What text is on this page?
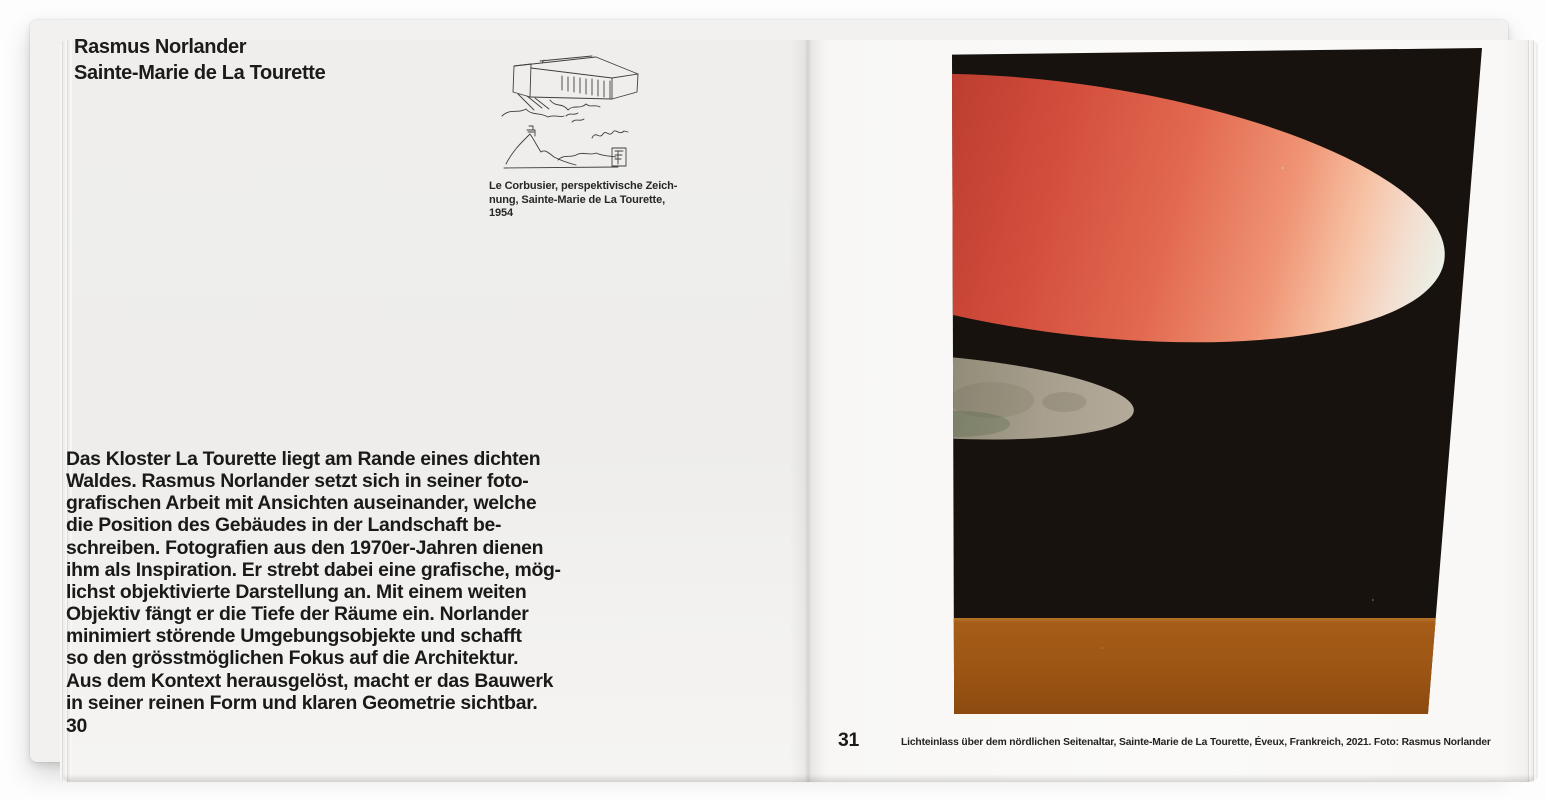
Rasmus Norlander
Sainte-Marie de La Tourette
Le Corbusier, perspektivische Zeich-
nung, Sainte-Marie de La Tourette,
1954
Das Kloster La Tourette liegt am Rande eines dichten
Waldes. Rasmus Norlander setzt sich in seiner foto-
grafischen Arbeit mit Ansichten auseinander, welche
die Position des Gebäudes in der Landschaft be-
schreiben. Fotografien aus den 1970er-Jahren dienen
ihm als Inspiration. Er strebt dabei eine grafische, mög-
lichst objektivierte Darstellung an. Mit einem weiten
Objektiv fängt er die Tiefe der Räume ein. Norlander
minimiert störende Umgebungsobjekte und schafft
so den grösstmöglichen Fokus auf die Architektur.
Aus dem Kontext herausgelöst, macht er das Bauwerk
in seiner reinen Form und klaren Geometrie sichtbar.
30
31	Lichteinlass über dem nördlichen Seitenaltar, Sainte-Marie de La Tourette, Éveux, Frankreich, 2021. Foto: Rasmus Norlander
